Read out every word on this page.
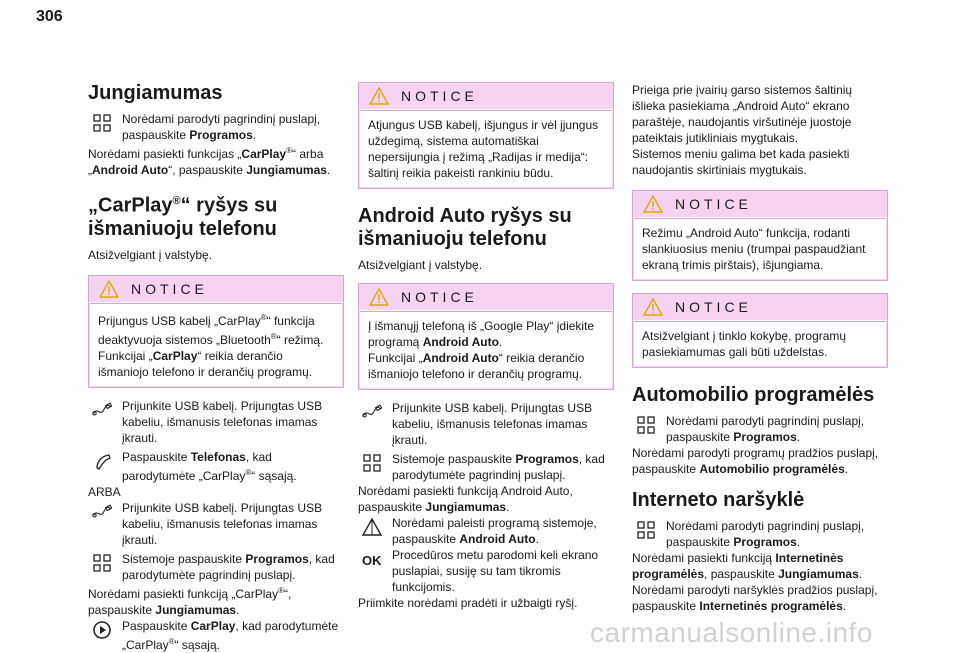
306
Jungiamumas

Norėdami parodyti pagrindinį puslapį, paspauskite Programos.

Norėdami pasiekti funkcijas „CarPlay®“ arba „Android Auto“, paspauskite Jungiamumas.

„CarPlay®“ ryšys su išmaniuoju telefonu

Atsižvelgiant į valstybę.

NOTICE

Prijungus USB kabelį „CarPlay®“ funkcija deaktyvuoja sistemos „Bluetooth®“ režimą.
Funkcijai „CarPlay“ reikia derančio išmaniojo telefono ir derančių programų.

Prijunkite USB kabelį. Prijungtas USB kabeliu, išmanusis telefonas imamas įkrauti.

Paspauskite Telefonas, kad parodytumėte „CarPlay®“ sąsają.

ARBA

Prijunkite USB kabelį. Prijungtas USB kabeliu, išmanusis telefonas imamas įkrauti.

Sistemoje paspauskite Programos, kad parodytumėte pagrindinį puslapį.

Norėdami pasiekti funkciją „CarPlay®“, paspauskite Jungiamumas.

Paspauskite CarPlay, kad parodytumėte „CarPlay®“ sąsają.

NOTICE

Atjungus USB kabelį, išjungus ir vėl įjungus uždegimą, sistema automatiškai nepersijungia į režimą „Radijas ir medija“: šaltinį reikia pakeisti rankiniu būdu.

Android Auto ryšys su išmaniuoju telefonu

Atsižvelgiant į valstybę.

NOTICE

Į išmanųjį telefoną iš „Google Play“ įdiekite programą Android Auto.
Funkcijai „Android Auto“ reikia derančio išmaniojo telefono ir derančių programų.

Prijunkite USB kabelį. Prijungtas USB kabeliu, išmanusis telefonas imamas įkrauti.

Sistemoje paspauskite Programos, kad parodytumėte pagrindinį puslapį.

Norėdami pasiekti funkciją Android Auto, paspauskite Jungiamumas.

Norėdami paleisti programą sistemoje, paspauskite Android Auto.

OK Procedūros metu parodomi keli ekrano puslapiai, susiję su tam tikromis funkcijomis.

Priimkite norėdami pradėti ir užbaigti ryšį.

Prieiga prie įvairių garso sistemos šaltinių išlieka pasiekiama „Android Auto“ ekrano paraštėje, naudojantis viršutinėje juostoje pateiktais jutikliniais mygtukais.

Sistemos meniu galima bet kada pasiekti naudojantis skirtiniais mygtukais.

NOTICE

Režimu „Android Auto“ funkcija, rodanti slankiuosius meniu (trumpai paspaudžiant ekraną trimis pirštais), išjungiama.

NOTICE

Atsižvelgiant į tinklo kokybę, programų pasiekiamumas gali būti uždelstas.

Automobilio programėlės

Norėdami parodyti pagrindinį puslapį, paspauskite Programos.

Norėdami parodyti programų pradžios puslapį, paspauskite Automobilio programėlės.

Interneto naršyklė

Norėdami parodyti pagrindinį puslapį, paspauskite Programos.

Norėdami pasiekti funkciją Internetinės programėlės, paspauskite Jungiamumas.

Norėdami parodyti naršyklės pradžios puslapį, paspauskite Internetinės programėlės.

carmanualsonline.info
